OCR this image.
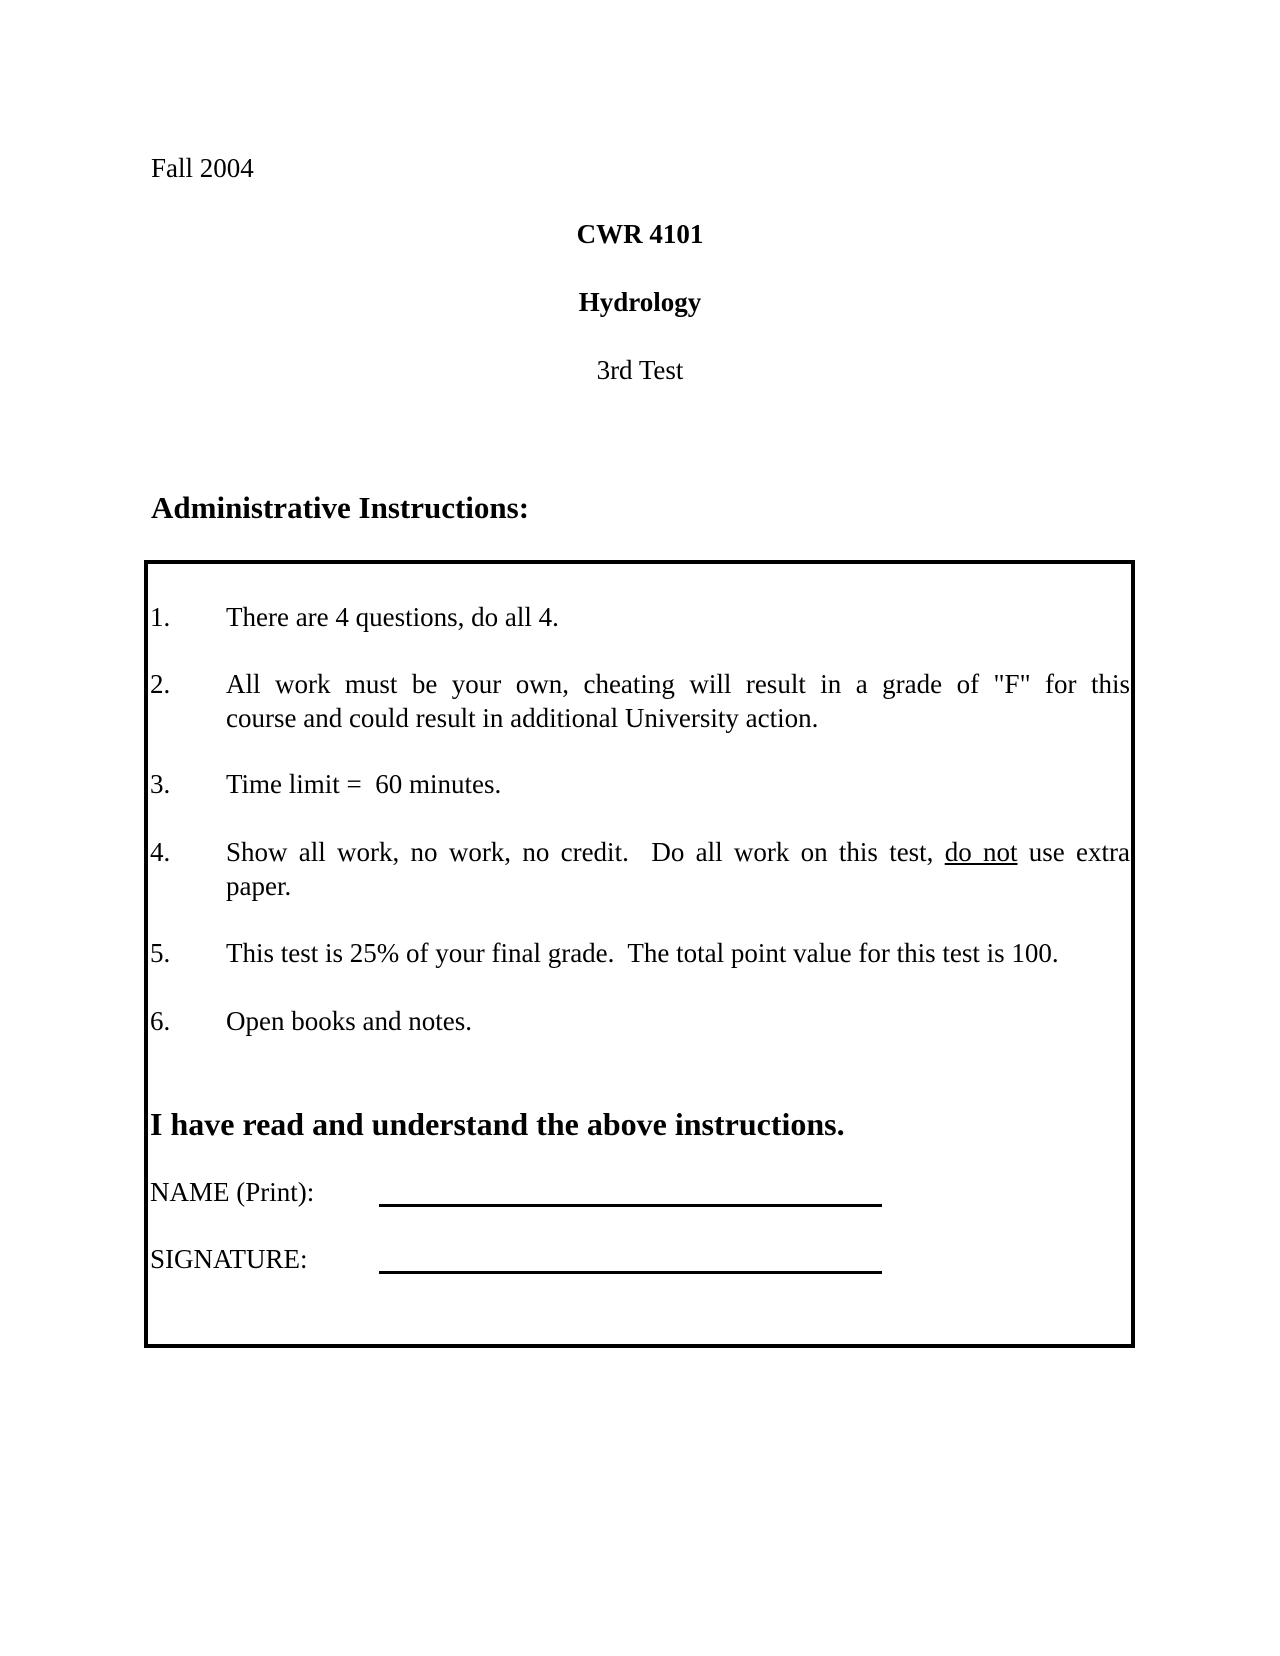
Fall 2004
CWR 4101
Hydrology
3rd Test
Administrative Instructions:
1. There are 4 questions, do all 4.
2. All work must be your own, cheating will result in a grade of "F" for this
course and could result in additional University action.
3. Time limit =  60 minutes.
4. Show all work, no work, no credit.  Do all work on this test, do not use extra
paper.
5. This test is 25% of your final grade.  The total point value for this test is 100.
6. Open books and notes.
I have read and understand the above instructions.
NAME (Print):
SIGNATURE:
